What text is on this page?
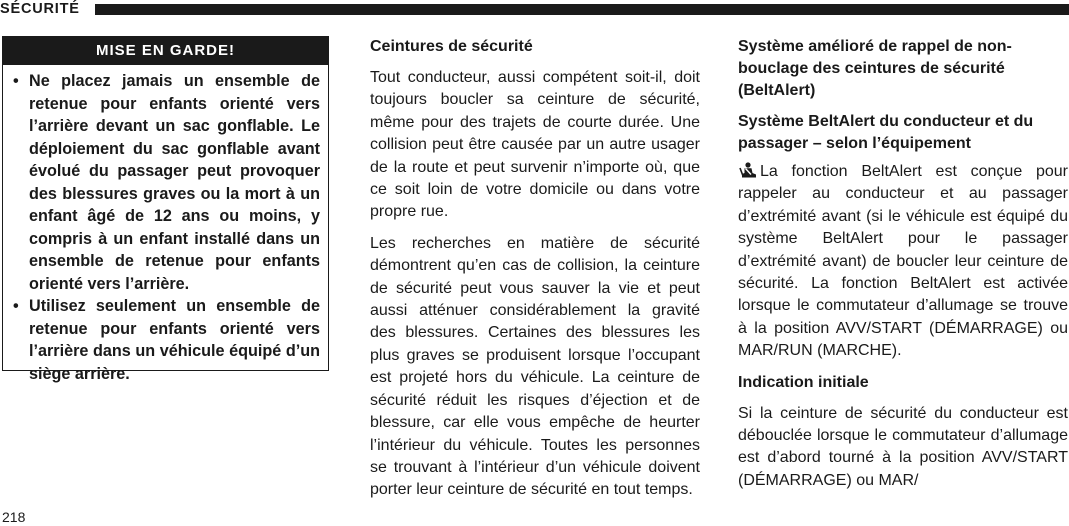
SÉCURITÉ
MISE EN GARDE!
• Ne placez jamais un ensemble de retenue pour enfants orienté vers l’arrière devant un sac gonflable. Le déploiement du sac gonflable avant évolué du passager peut provoquer des blessures graves ou la mort à un enfant âgé de 12 ans ou moins, y compris à un enfant installé dans un ensemble de retenue pour enfants orienté vers l’arrière.
• Utilisez seulement un ensemble de retenue pour enfants orienté vers l’arrière dans un véhicule équipé d’un siège arrière.
Ceintures de sécurité

Tout conducteur, aussi compétent soit-il, doit toujours boucler sa ceinture de sécurité, même pour des trajets de courte durée. Une collision peut être causée par un autre usager de la route et peut survenir n’importe où, que ce soit loin de votre domicile ou dans votre propre rue.

Les recherches en matière de sécurité démontrent qu’en cas de collision, la ceinture de sécurité peut vous sauver la vie et peut aussi atténuer considérablement la gravité des blessures. Certaines des blessures les plus graves se produisent lorsque l’occupant est projeté hors du véhicule. La ceinture de sécurité réduit les risques d’éjection et de blessure, car elle vous empêche de heurter l’intérieur du véhicule. Toutes les personnes se trouvant à l’intérieur d’un véhicule doivent porter leur ceinture de sécurité en tout temps.

Système amélioré de rappel de non-bouclage des ceintures de sécurité (BeltAlert)
Système BeltAlert du conducteur et du passager – selon l’équipement

La fonction BeltAlert est conçue pour rappeler au conducteur et au passager d’extrémité avant (si le véhicule est équipé du système BeltAlert pour le passager d’extrémité avant) de boucler leur ceinture de sécurité. La fonction BeltAlert est activée lorsque le commutateur d’allumage se trouve à la position AVV/START (DÉMARRAGE) ou MAR/RUN (MARCHE).

Indication initiale

Si la ceinture de sécurité du conducteur est débouclée lorsque le commutateur d’allumage est d’abord tourné à la position AVV/START (DÉMARRAGE) ou MAR/

218
